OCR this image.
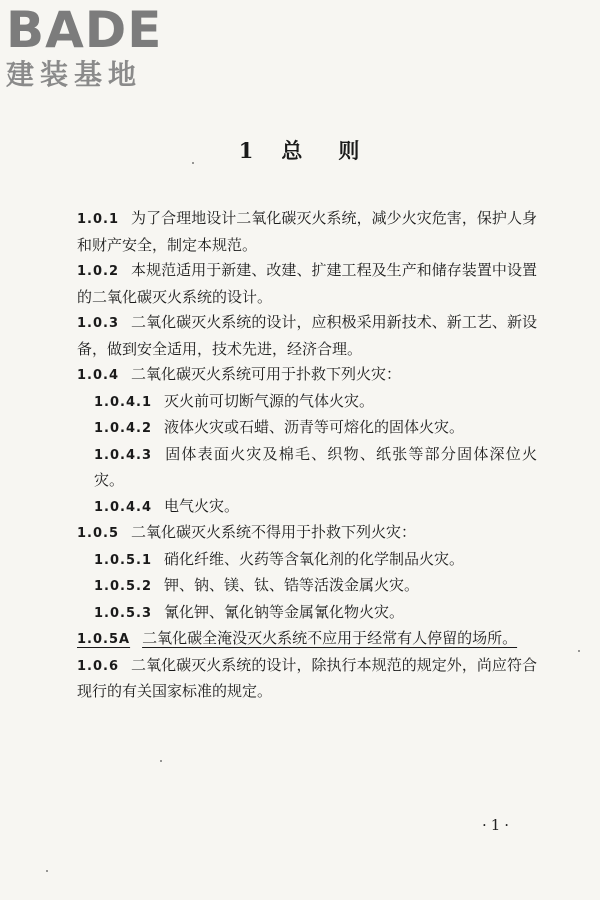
BADE
建装基地
1 总 则

1.0.1 为了合理地设计二氧化碳灭火系统，减少火灾危害，保护人身和财产安全，制定本规范。

1.0.2 本规范适用于新建、改建、扩建工程及生产和储存装置中设置的二氧化碳灭火系统的设计。

1.0.3 二氧化碳灭火系统的设计，应积极采用新技术、新工艺、新设备，做到安全适用，技术先进，经济合理。

1.0.4 二氧化碳灭火系统可用于扑救下列火灾：

1.0.4.1 灭火前可切断气源的气体火灾。

1.0.4.2 液体火灾或石蜡、沥青等可熔化的固体火灾。

1.0.4.3 固体表面火灾及棉毛、织物、纸张等部分固体深位火灾。

1.0.4.4 电气火灾。

1.0.5 二氧化碳灭火系统不得用于扑救下列火灾：

1.0.5.1 硝化纤维、火药等含氧化剂的化学制品火灾。

1.0.5.2 钾、钠、镁、钛、锆等活泼金属火灾。

1.0.5.3 氰化钾、氰化钠等金属氰化物火灾。

1.0.5A 二氧化碳全淹没灭火系统不应用于经常有人停留的场所。

1.0.6 二氧化碳灭火系统的设计，除执行本规范的规定外，尚应符合现行的有关国家标准的规定。

·1·
